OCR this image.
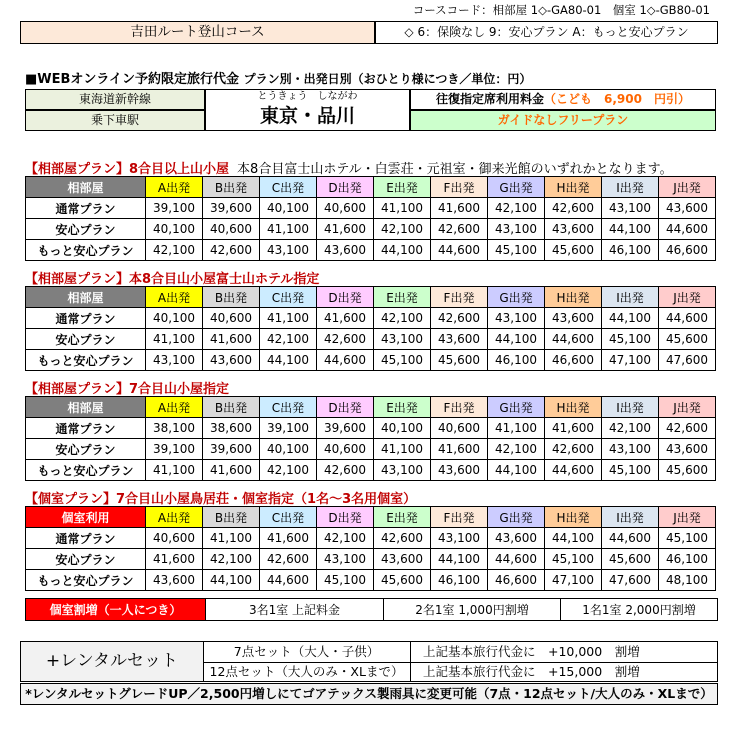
コースコード：相部屋 1◇-GA80-01　個室 1◇-GB80-01
吉田ルート登山コース	◇ 6：保険なし 9：安心プラン A：もっと安心プラン
■WEBオンライン予約限定旅行代金 プラン別・出発日別（おひとり様につき／単位：円）
東海道新幹線
乗下車駅
とうきょう　しながわ
東京・品川
往復指定席利用料金（こども　6,900　円引）
ガイドなしフリープラン
【相部屋プラン】8合目以上山小屋 本8合目富士山ホテル・白雲荘・元祖室・御来光館のいずれかとなります。
相部屋	A出発	B出発	C出発	D出発	E出発	F出発	G出発	H出発	I出発	J出発
通常プラン	39,100	39,600	40,100	40,600	41,100	41,600	42,100	42,600	43,100	43,600
安心プラン	40,100	40,600	41,100	41,600	42,100	42,600	43,100	43,600	44,100	44,600
もっと安心プラン	42,100	42,600	43,100	43,600	44,100	44,600	45,100	45,600	46,100	46,600
【相部屋プラン】本8合目山小屋富士山ホテル指定
相部屋	A出発	B出発	C出発	D出発	E出発	F出発	G出発	H出発	I出発	J出発
通常プラン	40,100	40,600	41,100	41,600	42,100	42,600	43,100	43,600	44,100	44,600
安心プラン	41,100	41,600	42,100	42,600	43,100	43,600	44,100	44,600	45,100	45,600
もっと安心プラン	43,100	43,600	44,100	44,600	45,100	45,600	46,100	46,600	47,100	47,600
【相部屋プラン】7合目山小屋指定
相部屋	A出発	B出発	C出発	D出発	E出発	F出発	G出発	H出発	I出発	J出発
通常プラン	38,100	38,600	39,100	39,600	40,100	40,600	41,100	41,600	42,100	42,600
安心プラン	39,100	39,600	40,100	40,600	41,100	41,600	42,100	42,600	43,100	43,600
もっと安心プラン	41,100	41,600	42,100	42,600	43,100	43,600	44,100	44,600	45,100	45,600
【個室プラン】7合目山小屋鳥居荘・個室指定（1名～3名用個室）
個室利用	A出発	B出発	C出発	D出発	E出発	F出発	G出発	H出発	I出発	J出発
通常プラン	40,600	41,100	41,600	42,100	42,600	43,100	43,600	44,100	44,600	45,100
安心プラン	41,600	42,100	42,600	43,100	43,600	44,100	44,600	45,100	45,600	46,100
もっと安心プラン	43,600	44,100	44,600	45,100	45,600	46,100	46,600	47,100	47,600	48,100
個室割増（一人につき）	3名1室 上記料金	2名1室 1,000円割増	1名1室 2,000円割増
+レンタルセット	7点セット（大人・子供）	上記基本旅行代金に　+10,000　割増
12点セット（大人のみ・XLまで）	上記基本旅行代金に　+15,000　割増
*レンタルセットグレードUP／2,500円増しにてゴアテックス製雨具に変更可能（7点・12点セット/大人のみ・XLまで）
